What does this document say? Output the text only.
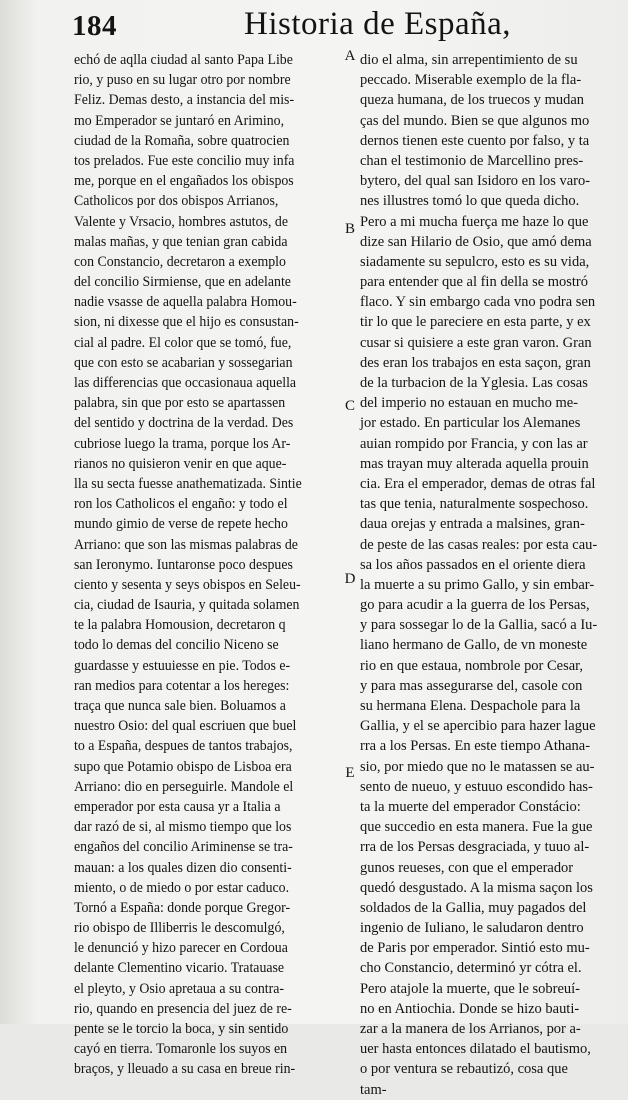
184	Historia de España,
echó de aqlla ciudad al santo Papa Libe
rio, y puso en su lugar otro por nombre
Feliz. Demas desto, a instancia del mis-
mo Emperador se juntaró en Arimino,
ciudad de la Romaña, sobre quatrocien
tos prelados. Fue este concilio muy infa
me, porque en el engañados los obispos
Catholicos por dos obispos Arrianos,
Valente y Vrsacio, hombres astutos, de
malas mañas, y que tenian gran cabida
con Constancio, decretaron a exemplo
del concilio Sirmiense, que en adelante
nadie vsasse de aquella palabra Homou-
sion, ni dixesse que el hijo es consustan-
cial al padre. El color que se tomó, fue,
que con esto se acabarian y sossegarian
las differencias que occasionaua aquella
palabra, sin que por esto se apartassen
del sentido y doctrina de la verdad. Des
cubriose luego la trama, porque los Ar-
rianos no quisieron venir en que aque-
lla su secta fuesse anathematizada. Sintie
ron los Catholicos el engaño: y todo el
mundo gimio de verse de repete hecho
Arriano: que son las mismas palabras de
san Ieronymo. Iuntaronse poco despues
ciento y sesenta y seys obispos en Seleu-
cia, ciudad de Isauria, y quitada solamen
te la palabra Homousion, decretaron q
todo lo demas del concilio Niceno se
guardasse y estuuiesse en pie. Todos e-
ran medios para cotentar a los hereges:
traça que nunca sale bien. Boluamos a
nuestro Osio: del qual escriuen que buel
to a España, despues de tantos trabajos,
supo que Potamio obispo de Lisboa era
Arriano: dio en perseguirle. Mandole el
emperador por esta causa yr a Italia a
dar razó de si, al mismo tiempo que los
engaños del concilio Ariminense se tra-
mauan: a los quales dizen dio consenti-
miento, o de miedo o por estar caduco.
Tornó a España: donde porque Gregor-
rio obispo de Illiberris le descomulgó,
le denunció y hizo parecer en Cordoua
delante Clementino vicario. Tratauase
el pleyto, y Osio apretaua a su contra-
rio, quando en presencia del juez de re-
pente se le torcio la boca, y sin sentido
cayó en tierra. Tomaronle los suyos en
braços, y lleuado a su casa en breue rin-
A
B
C
D
E
dio el alma, sin arrepentimiento de su
peccado. Miserable exemplo de la fla-
queza humana, de los truecos y mudan
ças del mundo. Bien se que algunos mo
dernos tienen este cuento por falso, y ta
chan el testimonio de Marcellino pres-
bytero, del qual san Isidoro en los varo-
nes illustres tomó lo que queda dicho.
Pero a mi mucha fuerça me haze lo que
dize san Hilario de Osio, que amó dema
siadamente su sepulcro, esto es su vida,
para entender que al fin della se mostró
flaco. Y sin embargo cada vno podra sen
tir lo que le pareciere en esta parte, y ex
cusar si quisiere a este gran varon. Gran
des eran los trabajos en esta saçon, gran
de la turbacion de la Yglesia. Las cosas
del imperio no estauan en mucho me-
jor estado. En particular los Alemanes
auian rompido por Francia, y con las ar
mas trayan muy alterada aquella prouin
cia. Era el emperador, demas de otras fal
tas que tenia, naturalmente sospechoso.
daua orejas y entrada a malsines, gran-
de peste de las casas reales: por esta cau-
sa los años passados en el oriente diera
la muerte a su primo Gallo, y sin embar-
go para acudir a la guerra de los Persas,
y para sossegar lo de la Gallia, sacó a Iu-
liano hermano de Gallo, de vn moneste
rio en que estaua, nombrole por Cesar,
y para mas assegurarse del, casole con
su hermana Elena. Despachole para la
Gallia, y el se apercibio para hazer lague
rra a los Persas. En este tiempo Athana-
sio, por miedo que no le matassen se au-
sento de nueuo, y estuuo escondido has-
ta la muerte del emperador Constácio:
que succedio en esta manera. Fue la gue
rra de los Persas desgraciada, y tuuo al-
gunos reueses, con que el emperador
quedó desgustado. A la misma saçon los
soldados de la Gallia, muy pagados del
ingenio de Iuliano, le saludaron dentro
de Paris por emperador. Sintió esto mu-
cho Constancio, determinó yr cótra el.
Pero atajole la muerte, que le sobreuí-
no en Antiochia. Donde se hizo bauti-
zar a la manera de los Arrianos, por a-
uer hasta entonces dilatado el bautismo,
o por ventura se rebautizó, cosa que
tam-
